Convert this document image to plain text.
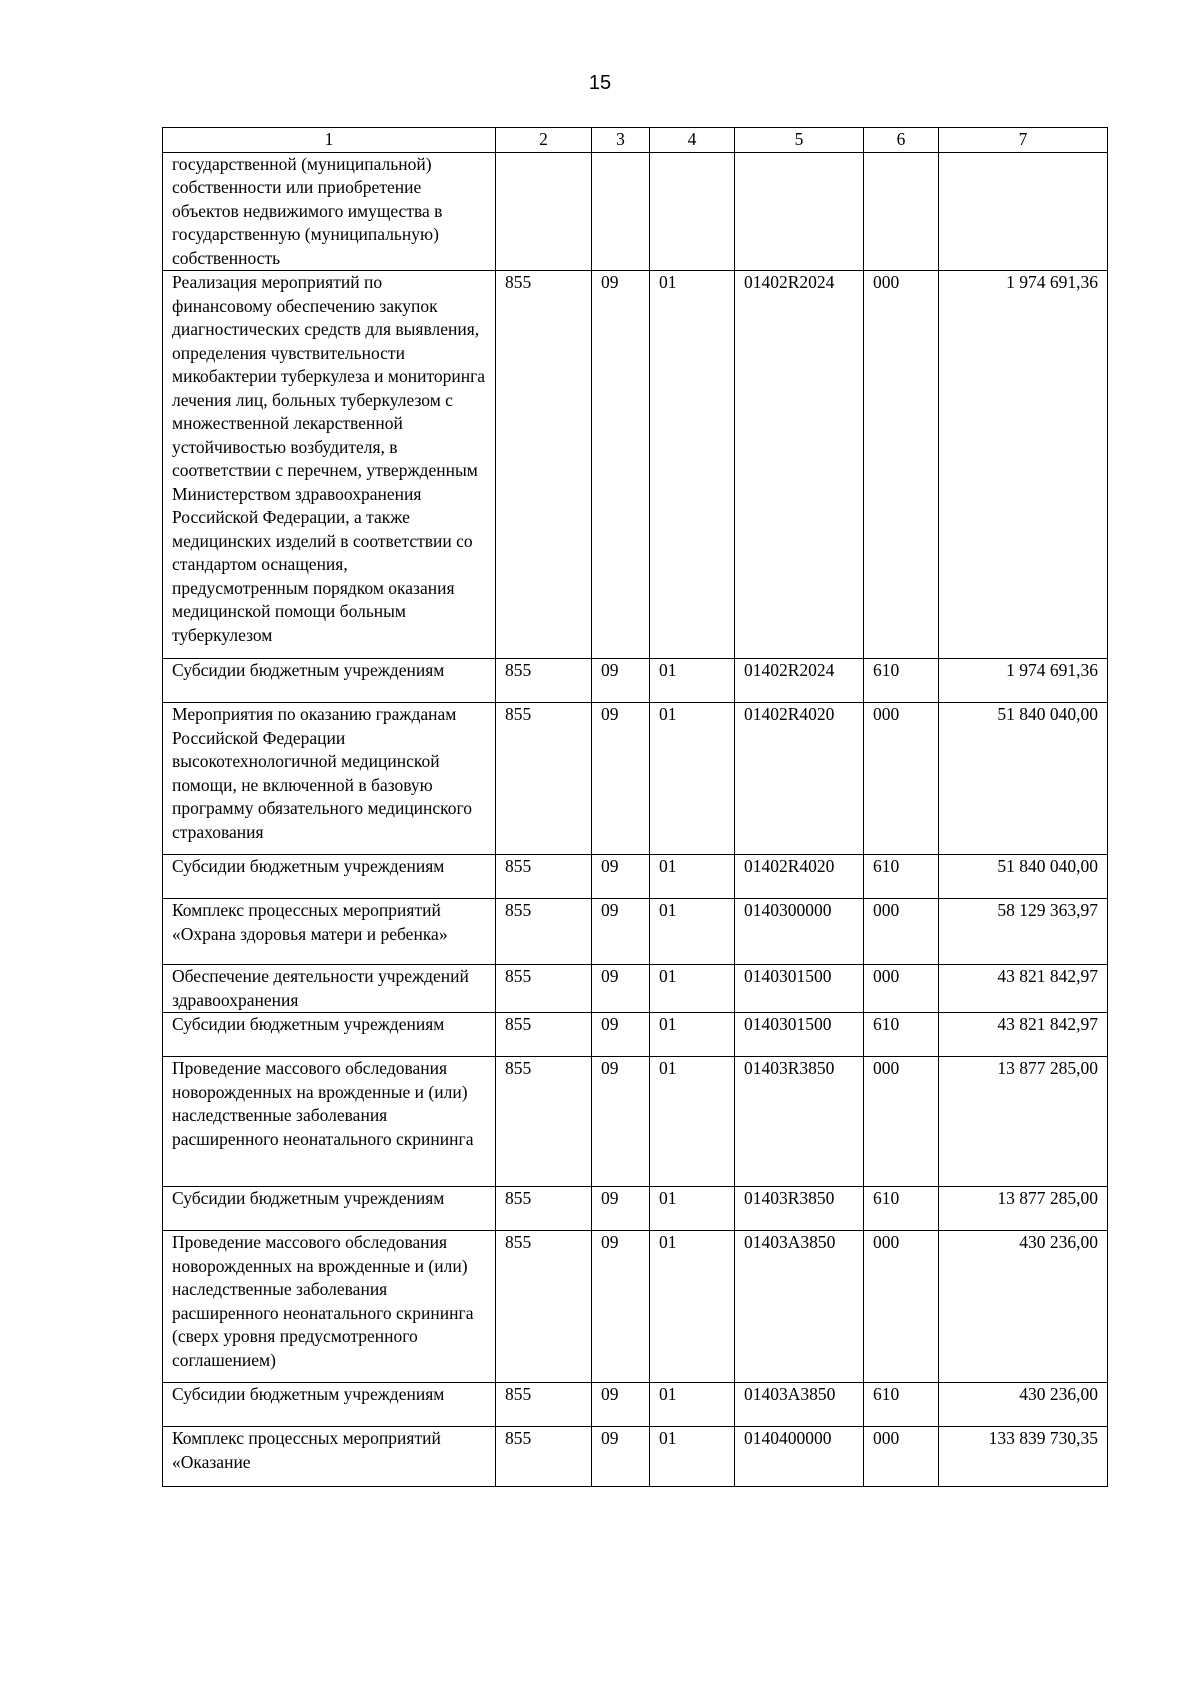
15
1	2	3	4	5	6	7
государственной (муниципальной) собственности или приобретение объектов недвижимого имущества в государственную (муниципальную) собственность						
Реализация мероприятий по финансовому обеспечению закупок диагностических средств для выявления, определения чувствительности микобактерии туберкулеза и мониторинга лечения лиц, больных туберкулезом с множественной лекарственной устойчивостью возбудителя, в соответствии с перечнем, утвержденным Министерством здравоохранения Российской Федерации, а также медицинских изделий в соответствии со стандартом оснащения, предусмотренным порядком оказания медицинской помощи больным туберкулезом	855	09	01	01402R2024	000	1 974 691,36
Субсидии бюджетным учреждениям	855	09	01	01402R2024	610	1 974 691,36
Мероприятия по оказанию гражданам Российской Федерации высокотехнологичной медицинской помощи, не включенной в базовую программу обязательного медицинского страхования	855	09	01	01402R4020	000	51 840 040,00
Субсидии бюджетным учреждениям	855	09	01	01402R4020	610	51 840 040,00
Комплекс процессных мероприятий «Охрана здоровья матери и ребенка»	855	09	01	0140300000	000	58 129 363,97
Обеспечение деятельности учреждений здравоохранения	855	09	01	0140301500	000	43 821 842,97
Субсидии бюджетным учреждениям	855	09	01	0140301500	610	43 821 842,97
Проведение массового обследования новорожденных на врожденные и (или) наследственные заболевания расширенного неонатального скрининга	855	09	01	01403R3850	000	13 877 285,00
Субсидии бюджетным учреждениям	855	09	01	01403R3850	610	13 877 285,00
Проведение массового обследования новорожденных на врожденные и (или) наследственные заболевания расширенного неонатального скрининга (сверх уровня предусмотренного соглашением)	855	09	01	01403А3850	000	430 236,00
Субсидии бюджетным учреждениям	855	09	01	01403А3850	610	430 236,00
Комплекс процессных мероприятий «Оказание	855	09	01	0140400000	000	133 839 730,35
